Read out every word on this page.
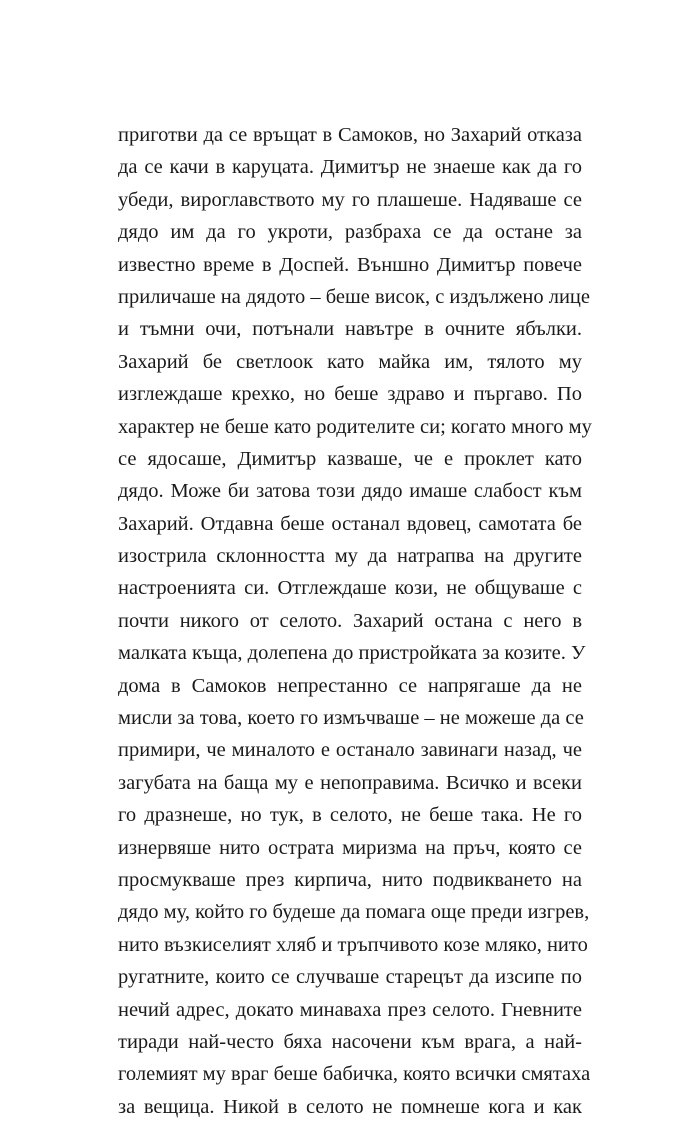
приготви да се връщат в Самоков, но Захарий отказа
да се качи в каруцата. Димитър не знаеше как да го
убеди, вироглавството му го плашеше. Надяваше се
дядо им да го укроти, разбраха се да остане за
известно време в Доспей. Външно Димитър повече
приличаше на дядото – беше висок, с издължено лице
и тъмни очи, потънали навътре в очните ябълки.
Захарий бе светлоок като майка им, тялото му
изглеждаше крехко, но беше здраво и пъргаво. По
характер не беше като родителите си; когато много му
се ядосаше, Димитър казваше, че е проклет като
дядо. Може би затова този дядо имаше слабост към
Захарий. Отдавна беше останал вдовец, самотата бе
изострила склонността му да натрапва на другите
настроенията си. Отглеждаше кози, не общуваше с
почти никого от селото. Захарий остана с него в
малката къща, долепена до пристройката за козите. У
дома в Самоков непрестанно се напрягаше да не
мисли за това, което го измъчваше – не можеше да се
примири, че миналото е останало завинаги назад, че
загубата на баща му е непоправима. Всичко и всеки
го дразнеше, но тук, в селото, не беше така. Не го
изнервяше нито острата миризма на пръч, която се
просмукваше през кирпича, нито подвикването на
дядо му, който го будеше да помага още преди изгрев,
нито възкиселият хляб и тръпчивото козе мляко, нито
ругатните, които се случваше старецът да изсипе по
нечий адрес, докато минаваха през селото. Гневните
тиради най-често бяха насочени към врага, а най-
големият му враг беше бабичка, която всички смятаха
за вещица. Никой в селото не помнеше кога и как
